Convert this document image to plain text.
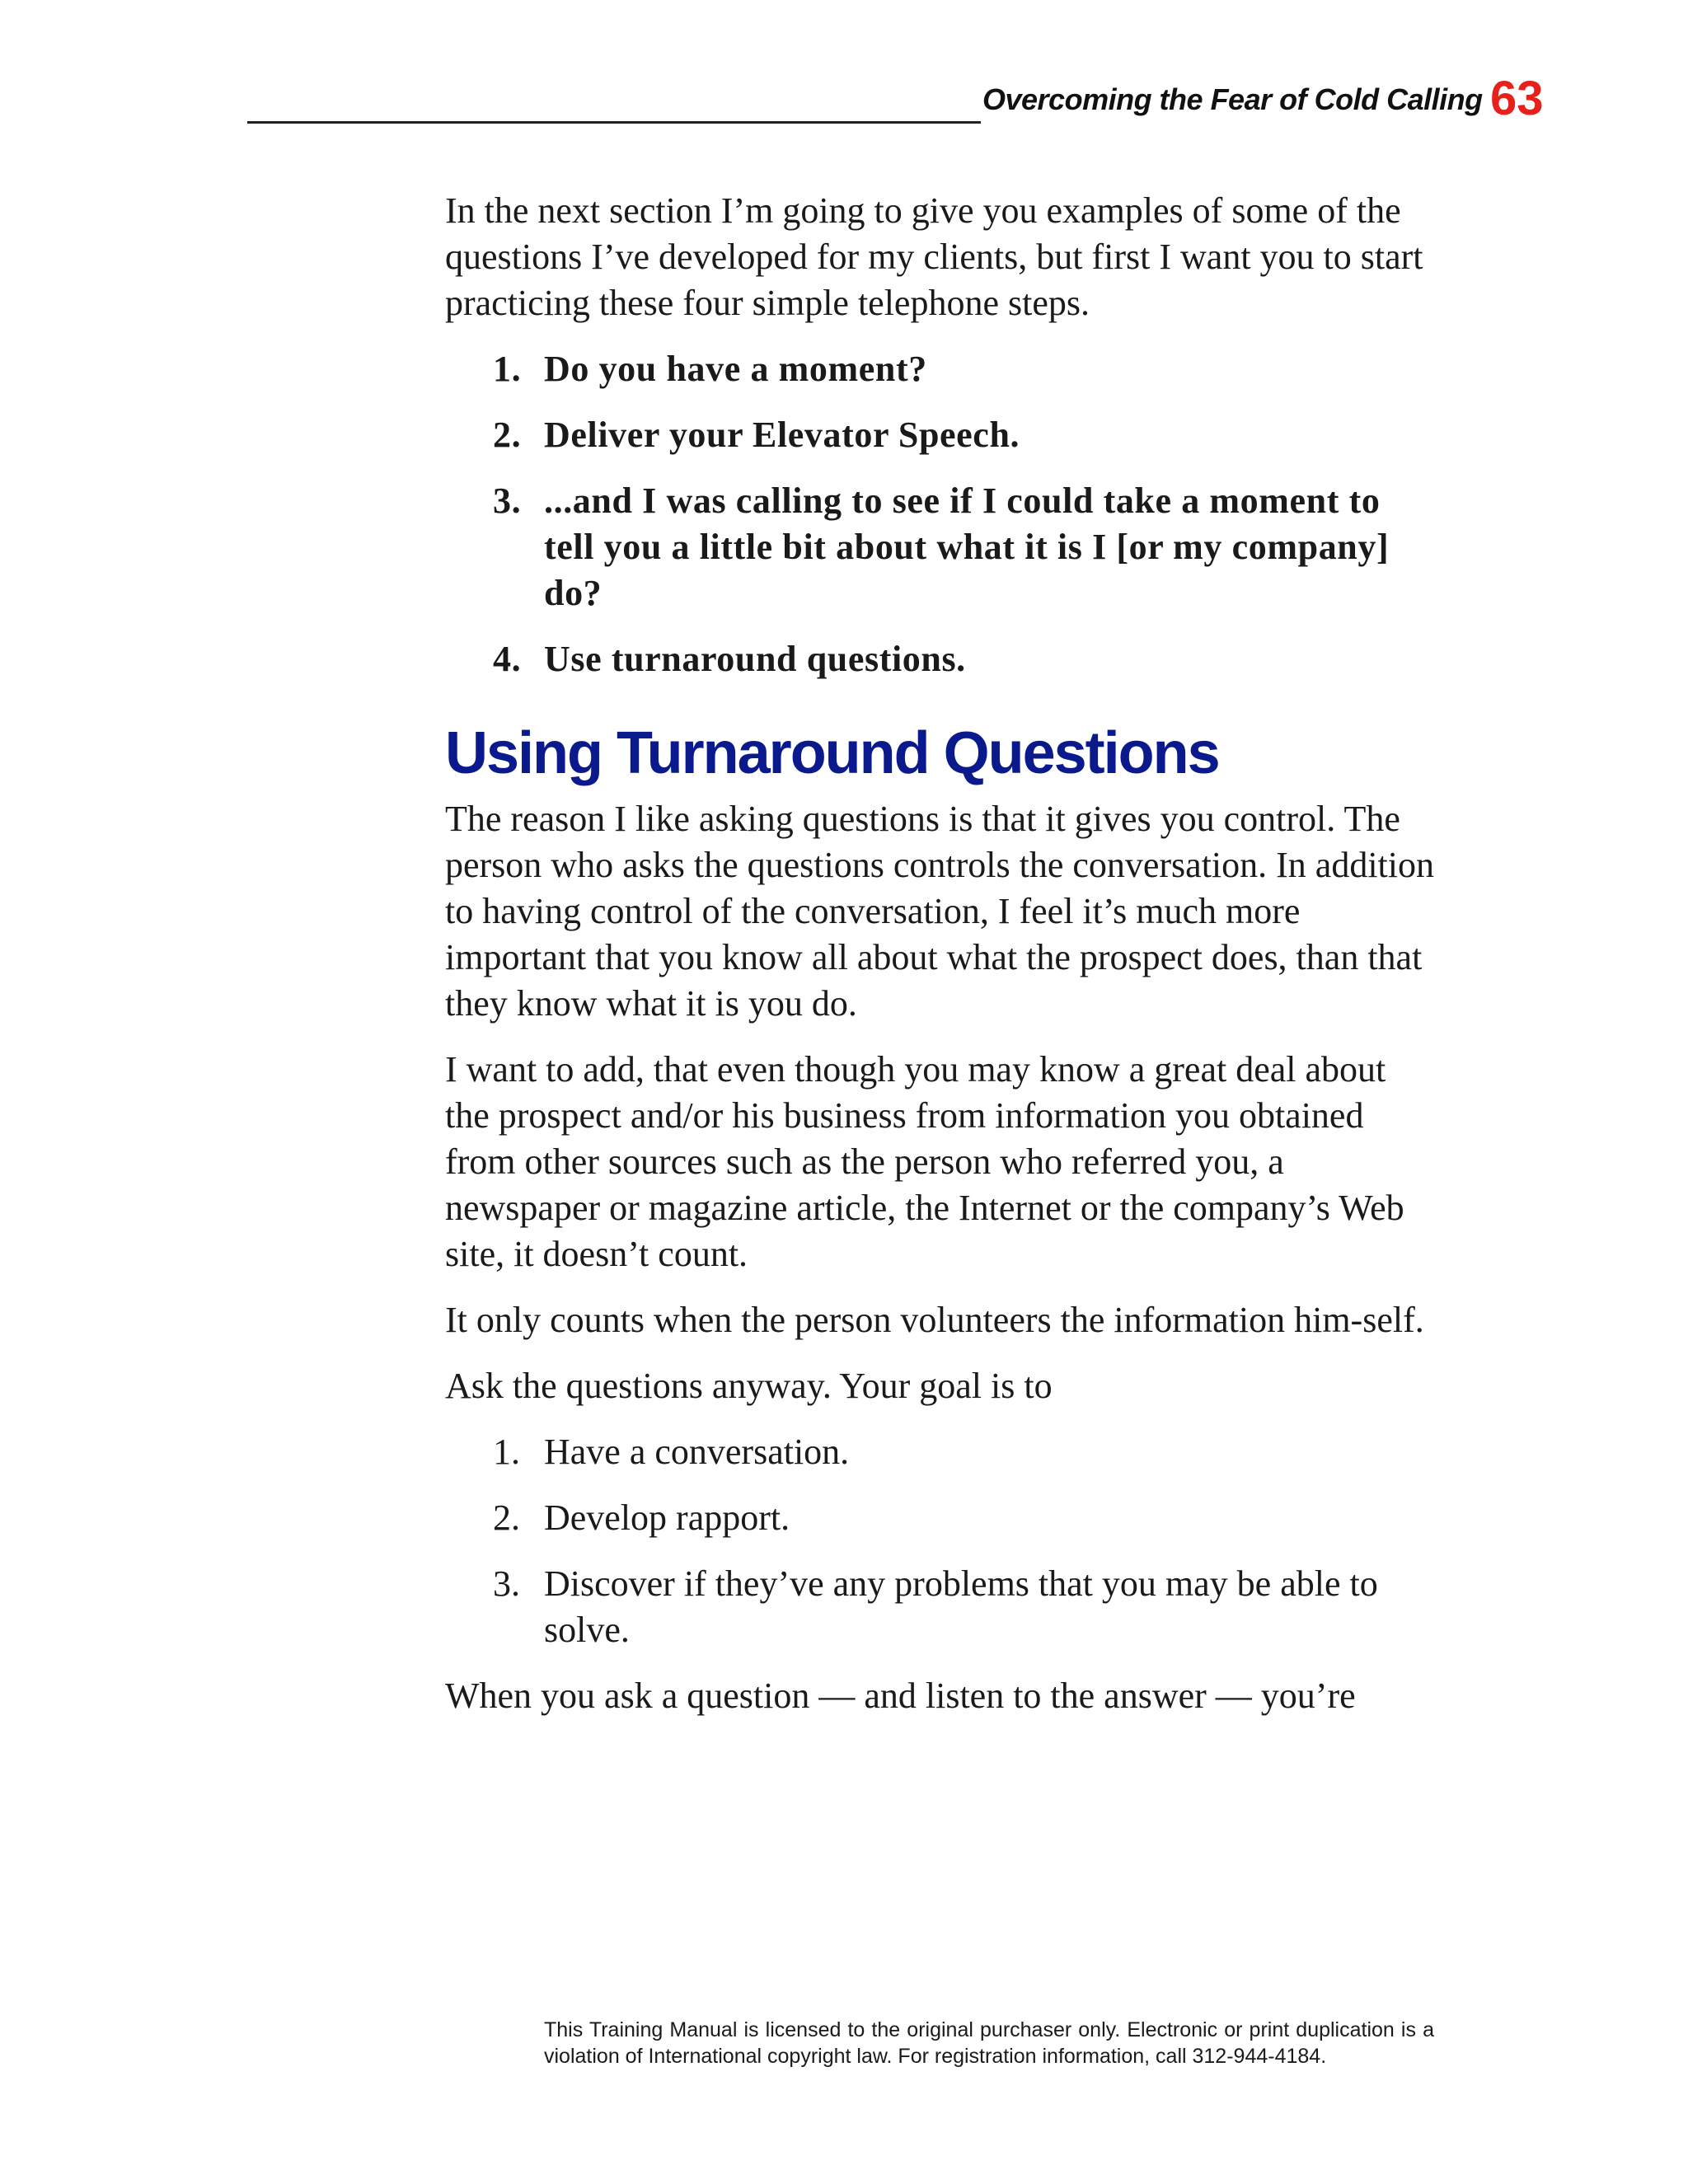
Overcoming the Fear of Cold Calling 63

In the next section I’m going to give you examples of some of the questions I’ve developed for my clients, but first I want you to start practicing these four simple telephone steps.

1. Do you have a moment?
2. Deliver your Elevator Speech.
3. ...and I was calling to see if I could take a moment to tell you a little bit about what it is I [or my company] do?
4. Use turnaround questions.
Using Turnaround Questions

The reason I like asking questions is that it gives you control. The person who asks the questions controls the conversation. In addition to having control of the conversation, I feel it’s much more important that you know all about what the prospect does, than that they know what it is you do.

I want to add, that even though you may know a great deal about the prospect and/or his business from information you obtained from other sources such as the person who referred you, a newspaper or magazine article, the Internet or the company’s Web site, it doesn’t count.

It only counts when the person volunteers the information him-self.

Ask the questions anyway. Your goal is to

1. Have a conversation.
2. Develop rapport.
3. Discover if they’ve any problems that you may be able to solve.

When you ask a question — and listen to the answer — you’re

This Training Manual is licensed to the original purchaser only. Electronic or print duplication is a violation of International copyright law. For registration information, call 312-944-4184.
